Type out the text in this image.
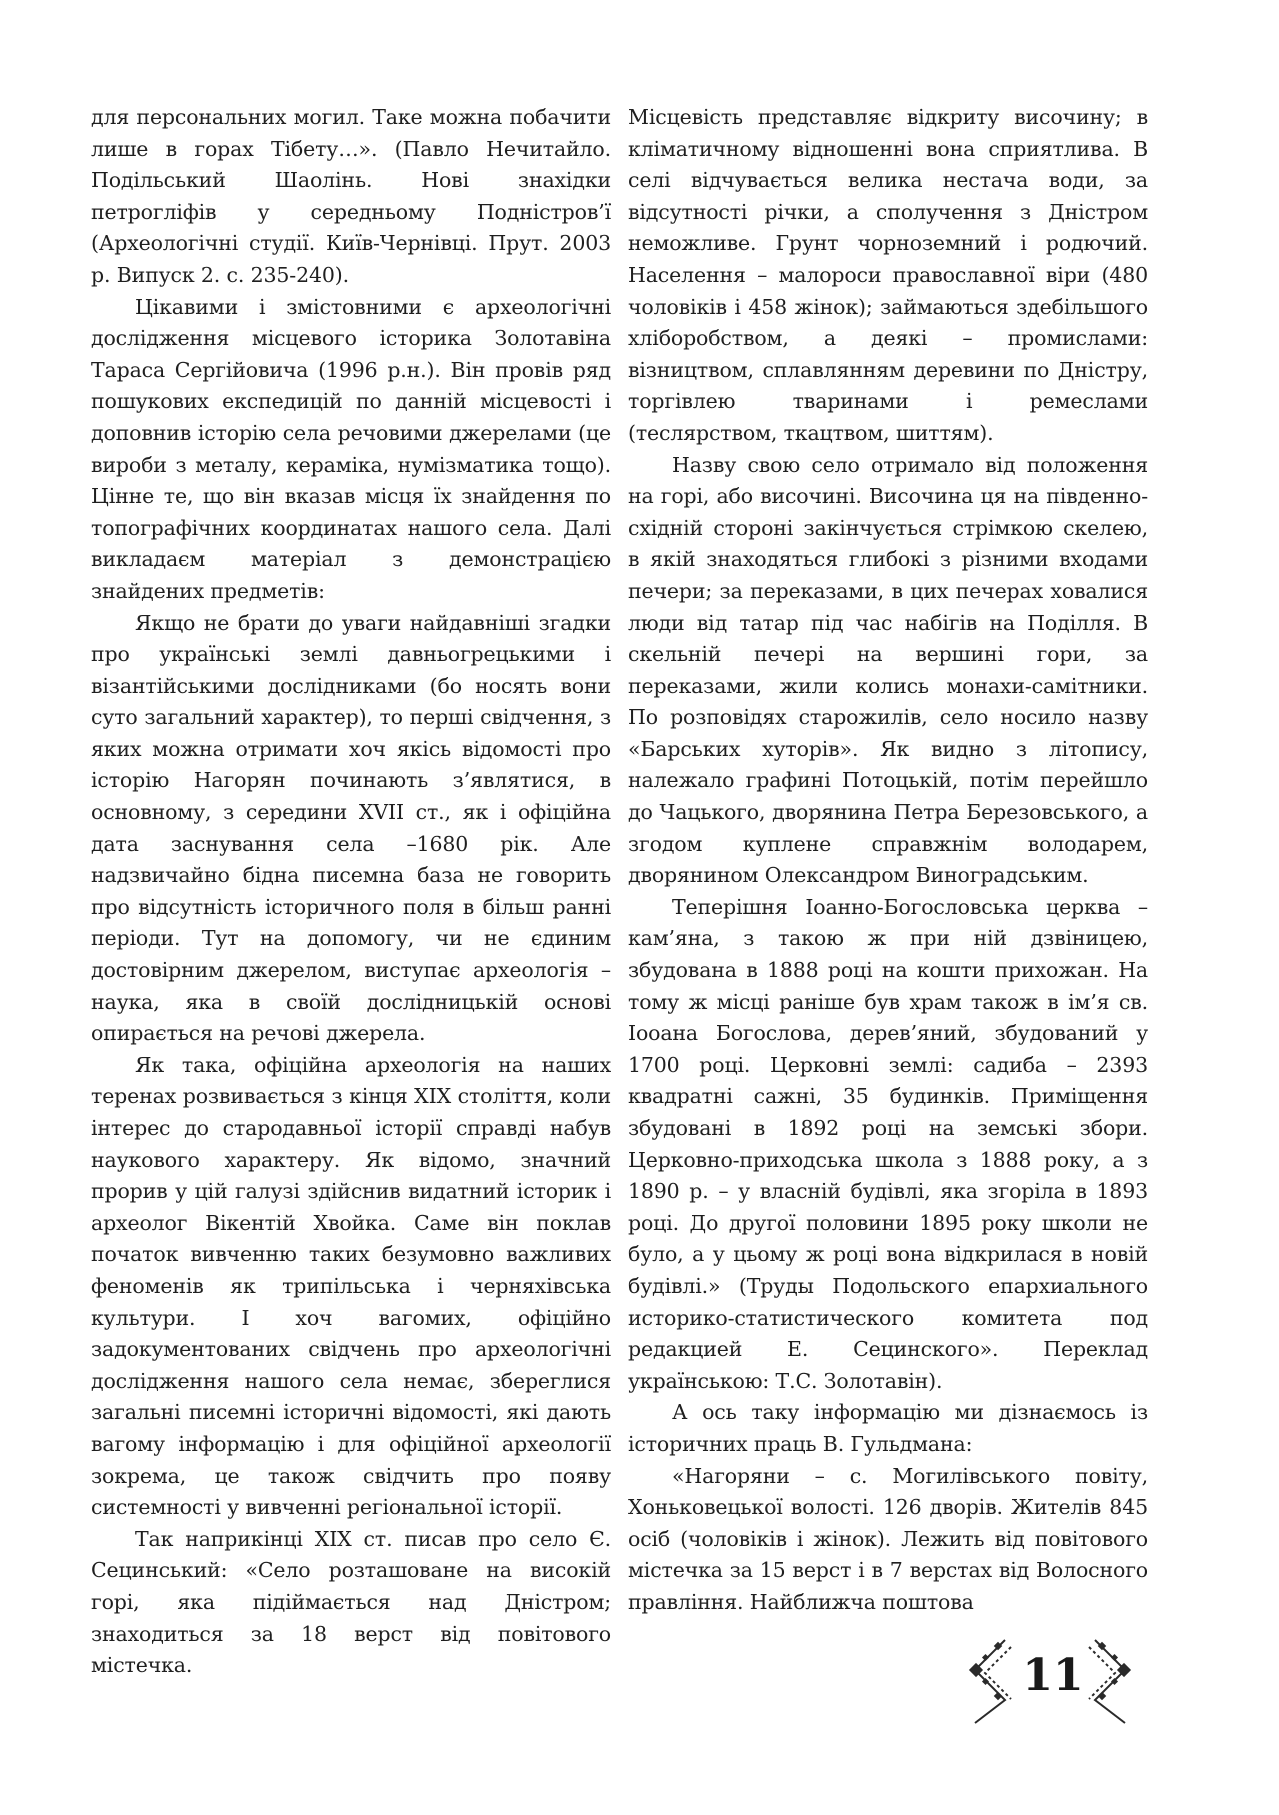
для персональних могил. Таке можна побачити лише в горах Тібету…». (Павло Нечитайло. Подільський Шаолінь. Нові знахідки петрогліфів у середньому Подністров’ї (Археологічні студії. Київ-Чернівці. Прут. 2003 р. Випуск 2. с. 235-240).

Цікавими і змістовними є археологічні дослідження місцевого історика Золотавіна Тараса Сергійовича (1996 р.н.). Він провів ряд пошукових експедицій по данній місцевості і доповнив історію села речовими джерелами (це вироби з металу, кераміка, нумізматика тощо). Цінне те, що він вказав місця їх знайдення по топографічних координатах нашого села. Далі викладаєм матеріал з демонстрацією знайдених предметів:

Якщо не брати до уваги найдавніші згадки про українські землі давньогрецькими і візантійськими дослідниками (бо носять вони суто загальний характер), то перші свідчення, з яких можна отримати хоч якісь відомості про історію Нагорян починають з’являтися, в основному, з середини XVII ст., як і офіційна дата заснування села –1680 рік. Але надзвичайно бідна писемна база не говорить про відсутність історичного поля в більш ранні періоди. Тут на допомогу, чи не єдиним достовірним джерелом, виступає археологія – наука, яка в своїй дослідницькій основі опирається на речові джерела.

Як така, офіційна археологія на наших теренах розвивається з кінця XIX століття, коли інтерес до стародавньої історії справді набув наукового характеру. Як відомо, значний прорив у цій галузі здійснив видатний історик і археолог Вікентій Хвойка. Саме він поклав початок вивченню таких безумовно важливих феноменів як трипільська і черняхівська культури. І хоч вагомих, офіційно задокументованих свідчень про археологічні дослідження нашого села немає, збереглися загальні писемні історичні відомості, які дають вагому інформацію і для офіційної археології зокрема, це також свідчить про появу системності у вивченні регіональної історії.

Так наприкінці XIX ст. писав про село Є. Сецинський: «Село розташоване на високій горі, яка підіймається над Дністром; знаходиться за 18 верст від повітового містечка.

Місцевість представляє відкриту височину; в кліматичному відношенні вона сприятлива. В селі відчувається велика нестача води, за відсутності річки, а сполучення з Дністром неможливе. Грунт чорноземний і родючий. Населення – малороси православної віри (480 чоловіків і 458 жінок); займаються здебільшого хліборобством, а деякі – промислами: візництвом, сплавлянням деревини по Дністру, торгівлею тваринами і ремеслами (теслярством, ткацтвом, шиттям).

Назву свою село отримало від положення на горі, або височині. Височина ця на південно-східній стороні закінчується стрімкою скелею, в якій знаходяться глибокі з різними входами печери; за переказами, в цих печерах ховалися люди від татар під час набігів на Поділля. В скельній печері на вершині гори, за переказами, жили колись монахи-самітники. По розповідях старожилів, село носило назву «Барських хуторів». Як видно з літопису, належало графині Потоцькій, потім перейшло до Чацького, дворянина Петра Березовського, а згодом куплене справжнім володарем, дворянином Олександром Виноградським.

Теперішня Іоанно-Богословська церква – кам’яна, з такою ж при ній дзвіницею, збудована в 1888 році на кошти прихожан. На тому ж місці раніше був храм також в ім’я св. Іооана Богослова, дерев’яний, збудований у 1700 році. Церковні землі: садиба – 2393 квадратні сажні, 35 будинків. Приміщення збудовані в 1892 році на земські збори. Церковно-приходська школа з 1888 року, а з 1890 р. – у власній будівлі, яка згоріла в 1893 році. До другої половини 1895 року школи не було, а у цьому ж році вона відкрилася в новій будівлі.» (Труды Подольского епархиального историко-статистического комитета под редакцией Е. Сецинского». Переклад українською: Т.С. Золотавін).

А ось таку інформацію ми дізнаємось із історичних праць В. Гульдмана:

«Нагоряни – с. Могилівського повіту, Хоньковецької волості. 126 дворів. Жителів 845 осіб (чоловіків і жінок). Лежить від повітового містечка за 15 верст і в 7 верстах від Волосного правління. Найближча поштова

11
